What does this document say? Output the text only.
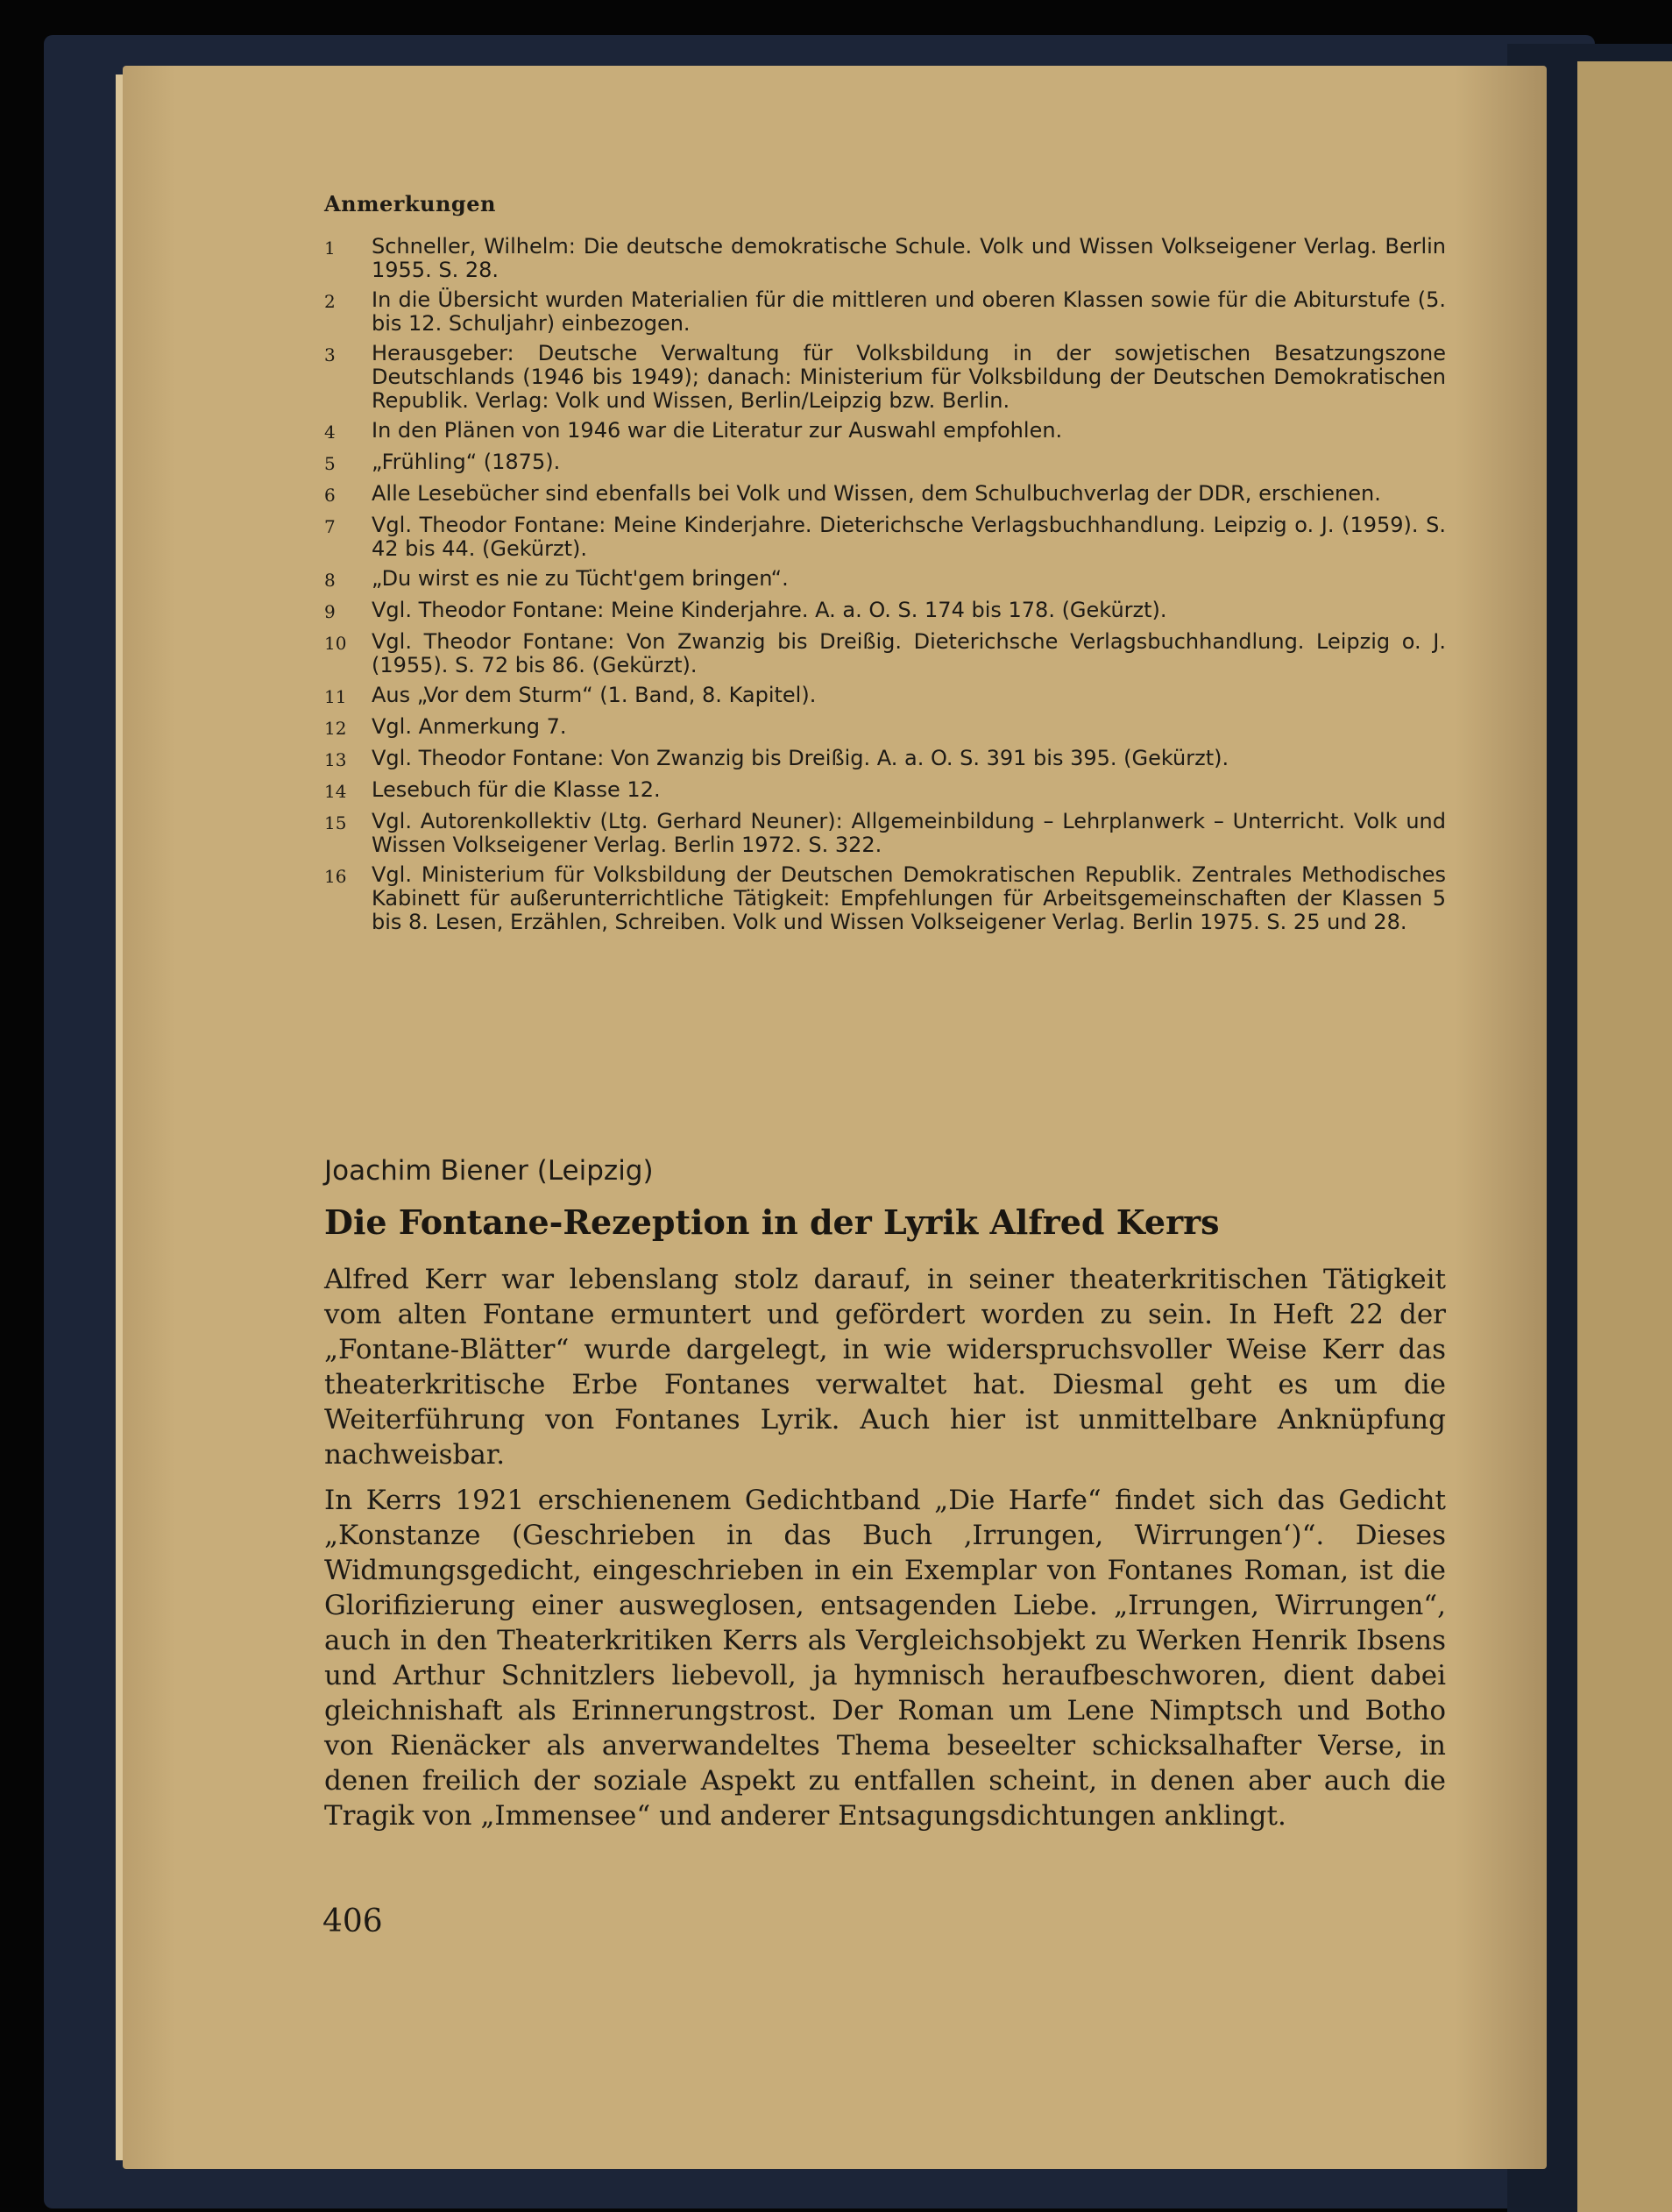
Anmerkungen
1	Schneller, Wilhelm: Die deutsche demokratische Schule. Volk und Wissen Volkseigener Verlag. Berlin 1955. S. 28.
2	In die Übersicht wurden Materialien für die mittleren und oberen Klassen sowie für die Abiturstufe (5. bis 12. Schuljahr) einbezogen.
3	Herausgeber: Deutsche Verwaltung für Volksbildung in der sowjetischen Besatzungszone Deutschlands (1946 bis 1949); danach: Ministerium für Volksbildung der Deutschen Demokratischen Republik. Verlag: Volk und Wissen, Berlin/Leipzig bzw. Berlin.
4	In den Plänen von 1946 war die Literatur zur Auswahl empfohlen.
5	„Frühling“ (1875).
6	Alle Lesebücher sind ebenfalls bei Volk und Wissen, dem Schulbuchverlag der DDR, erschienen.
7	Vgl. Theodor Fontane: Meine Kinderjahre. Dieterichsche Verlagsbuchhandlung. Leipzig o. J. (1959). S. 42 bis 44. (Gekürzt).
8	„Du wirst es nie zu Tücht'gem bringen“.
9	Vgl. Theodor Fontane: Meine Kinderjahre. A. a. O. S. 174 bis 178. (Gekürzt).
10	Vgl. Theodor Fontane: Von Zwanzig bis Dreißig. Dieterichsche Verlagsbuchhandlung. Leipzig o. J. (1955). S. 72 bis 86. (Gekürzt).
11	Aus „Vor dem Sturm“ (1. Band, 8. Kapitel).
12	Vgl. Anmerkung 7.
13	Vgl. Theodor Fontane: Von Zwanzig bis Dreißig. A. a. O. S. 391 bis 395. (Gekürzt).
14	Lesebuch für die Klasse 12.
15	Vgl. Autorenkollektiv (Ltg. Gerhard Neuner): Allgemeinbildung – Lehrplanwerk – Unterricht. Volk und Wissen Volkseigener Verlag. Berlin 1972. S. 322.
16	Vgl. Ministerium für Volksbildung der Deutschen Demokratischen Republik. Zentrales Methodisches Kabinett für außerunterrichtliche Tätigkeit: Empfehlungen für Arbeitsgemeinschaften der Klassen 5 bis 8. Lesen, Erzählen, Schreiben. Volk und Wissen Volkseigener Verlag. Berlin 1975. S. 25 und 28.
Joachim Biener (Leipzig)
Die Fontane-Rezeption in der Lyrik Alfred Kerrs

Alfred Kerr war lebenslang stolz darauf, in seiner theaterkritischen Tätigkeit vom alten Fontane ermuntert und gefördert worden zu sein. In Heft 22 der „Fontane-Blätter“ wurde dargelegt, in wie widerspruchsvoller Weise Kerr das theaterkritische Erbe Fontanes verwaltet hat. Diesmal geht es um die Weiterführung von Fontanes Lyrik. Auch hier ist unmittelbare Anknüpfung nachweisbar.

In Kerrs 1921 erschienenem Gedichtband „Die Harfe“ findet sich das Gedicht „Konstanze (Geschrieben in das Buch ‚Irrungen, Wirrungen‘)“. Dieses Widmungsgedicht, eingeschrieben in ein Exemplar von Fontanes Roman, ist die Glorifizierung einer ausweglosen, entsagenden Liebe. „Irrungen, Wirrungen“, auch in den Theaterkritiken Kerrs als Vergleichsobjekt zu Werken Henrik Ibsens und Arthur Schnitzlers liebevoll, ja hymnisch heraufbeschworen, dient dabei gleichnishaft als Erinnerungstrost. Der Roman um Lene Nimptsch und Botho von Rienäcker als anverwandeltes Thema beseelter schicksalhafter Verse, in denen freilich der soziale Aspekt zu entfallen scheint, in denen aber auch die Tragik von „Immensee“ und anderer Entsagungsdichtungen anklingt.

406
